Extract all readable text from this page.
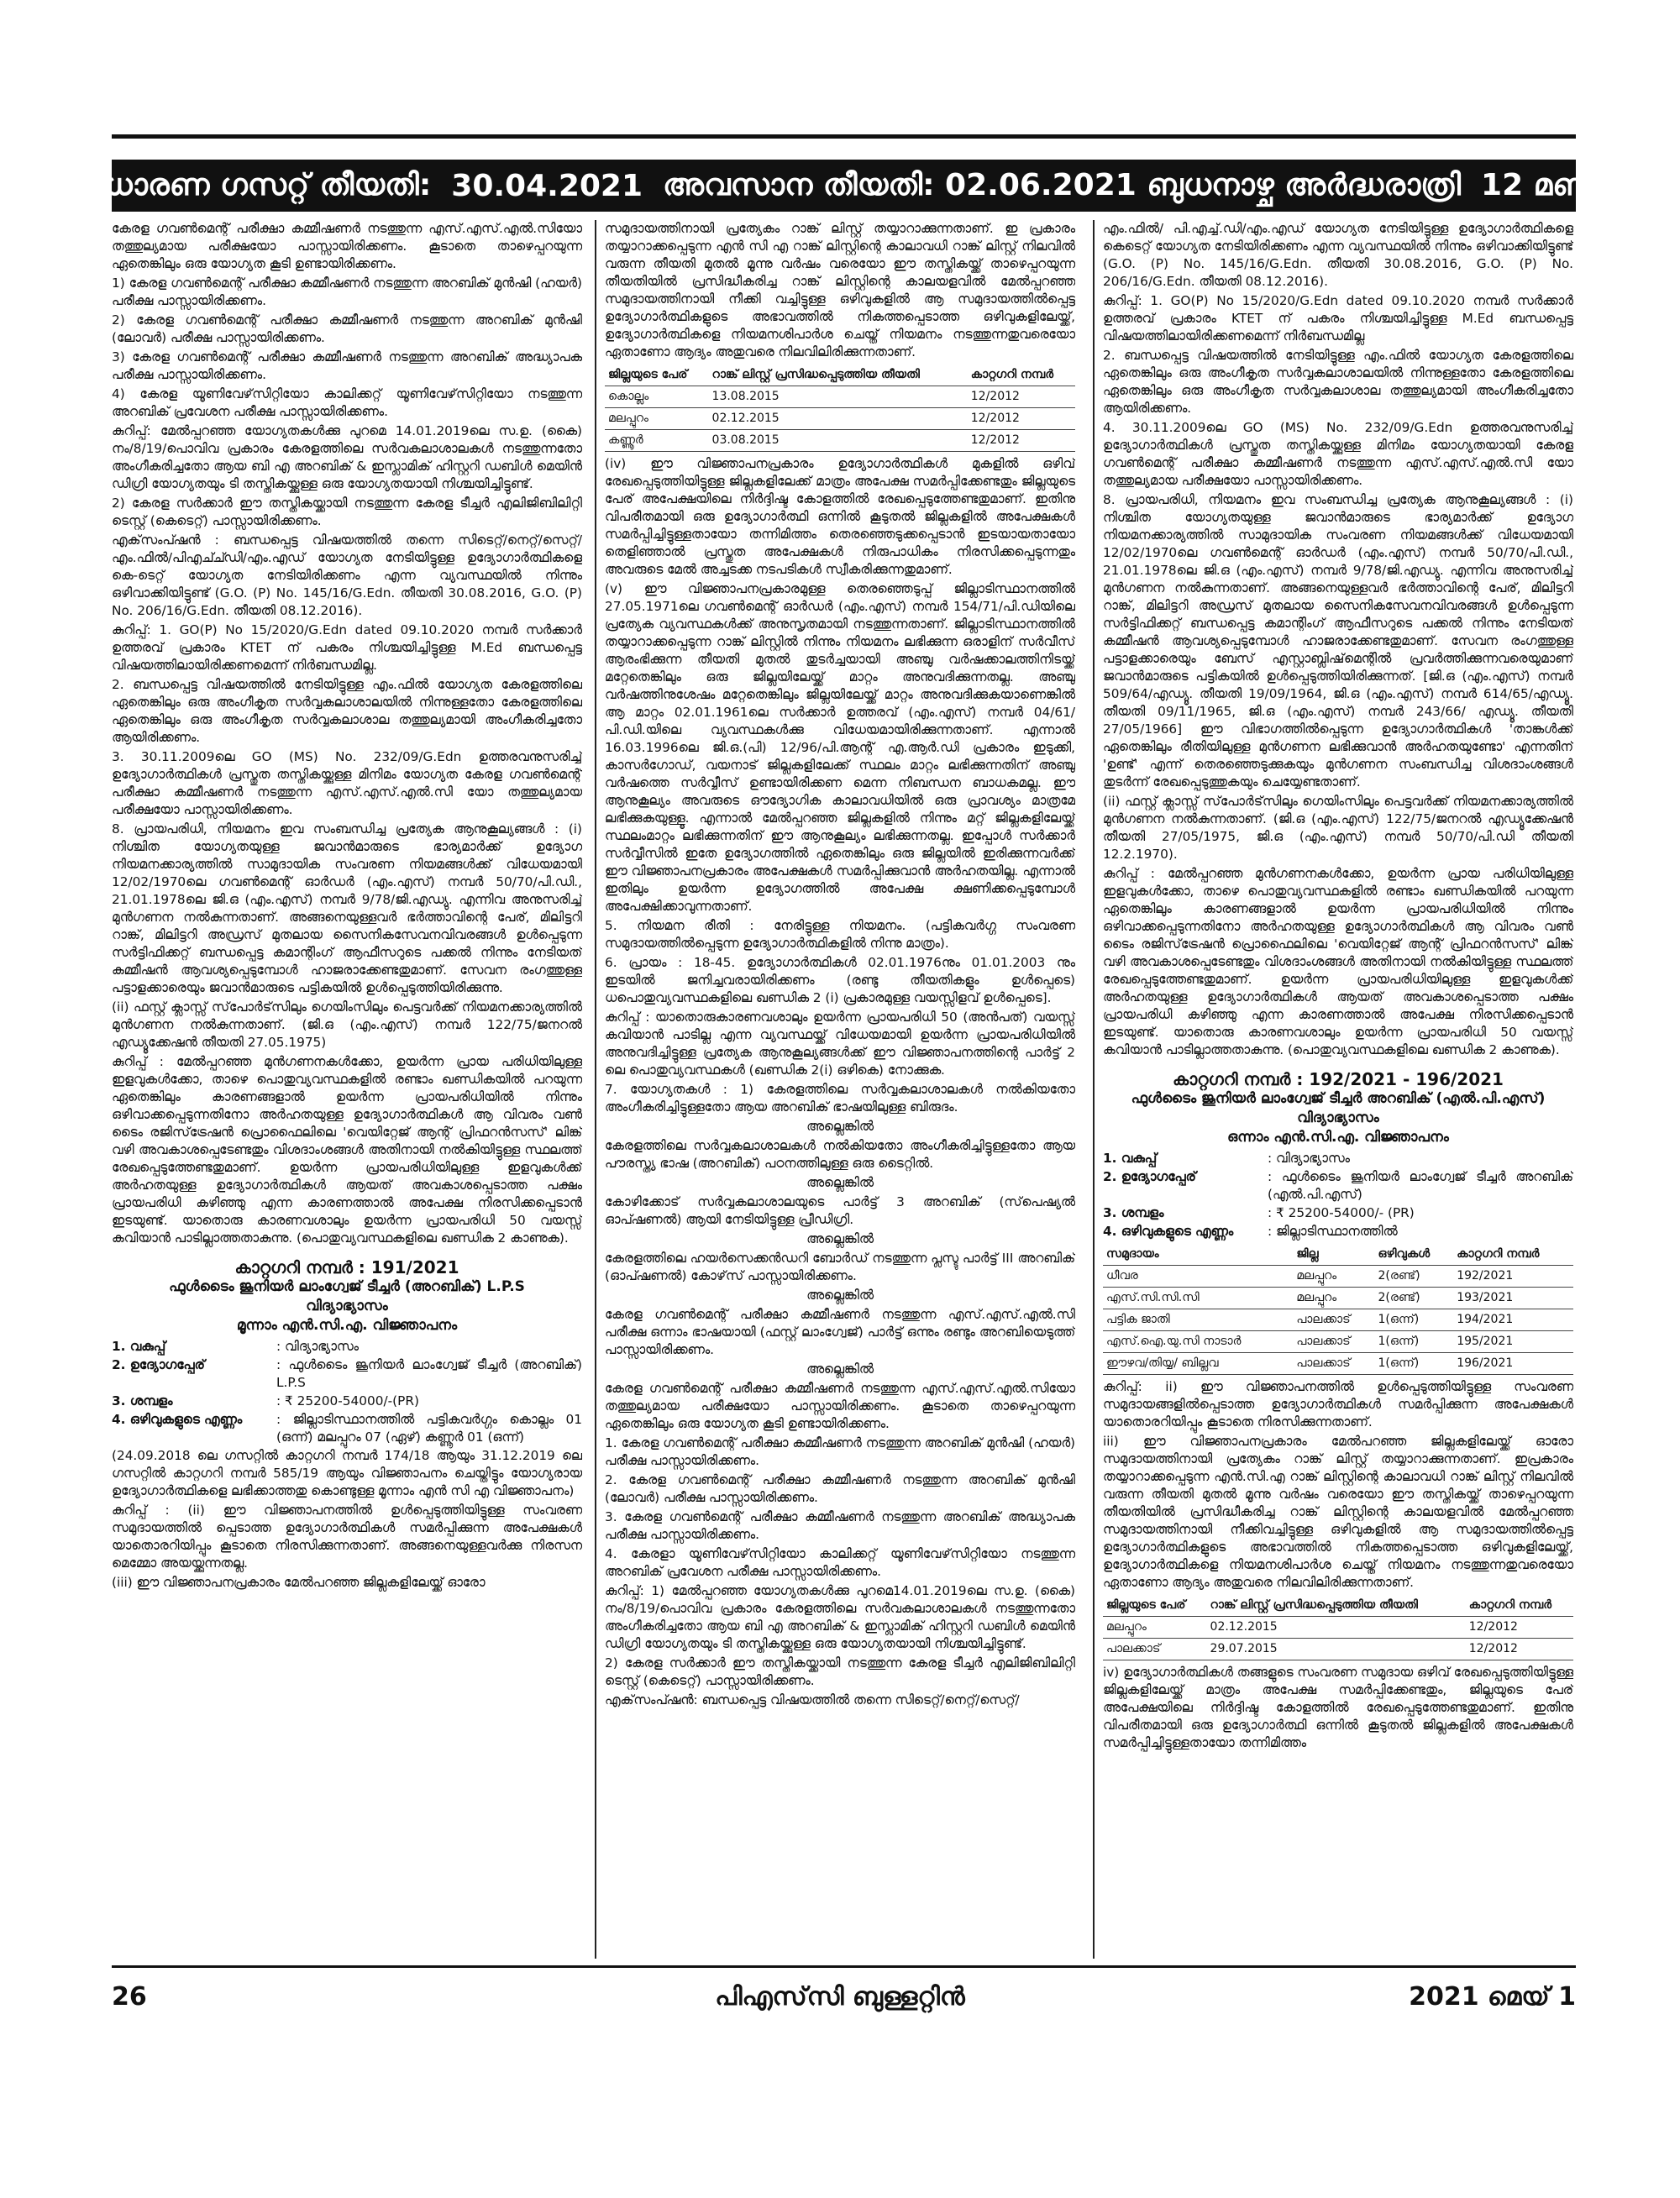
അസാധാരണ ഗസറ്റ് തീയതി: 30.04.2021 അവസാന തീയതി: 02.06.2021 ബുധനാഴ്ച അര്‍ദ്ധരാത്രി 12 മണി വരെ

കേരള ഗവണ്‍മെന്റ് പരീക്ഷാ കമ്മീഷണര്‍ നടത്തുന്ന എസ്.എസ്.എല്‍.സിയോ തത്തുല്യമായ പരീക്ഷയോ പാസ്സായിരിക്കണം. കൂടാതെ താഴെപ്പറയുന്ന ഏതെങ്കിലും ഒരു യോഗ്യത കൂടി ഉണ്ടായിരിക്കണം.

1) കേരള ഗവണ്‍മെന്റ് പരീക്ഷാ കമ്മീഷണര്‍ നടത്തുന്ന അറബിക് മുന്‍ഷി (ഹയര്‍) പരീക്ഷ പാസ്സായിരിക്കണം.

2) കേരള ഗവണ്‍മെന്റ് പരീക്ഷാ കമ്മീഷണര്‍ നടത്തുന്ന അറബിക് മുന്‍ഷി (ലോവര്‍) പരീക്ഷ പാസ്സായിരിക്കണം.

3) കേരള ഗവണ്‍മെന്റ് പരീക്ഷാ കമ്മീഷണര്‍ നടത്തുന്ന അറബിക് അദ്ധ്യാപക പരീക്ഷ പാസ്സായിരിക്കണം.

4) കേരള യൂണിവേഴ്‌സിറ്റിയോ കാലിക്കറ്റ് യൂണിവേഴ്‌സിറ്റിയോ നടത്തുന്ന അറബിക് പ്രവേശന പരീക്ഷ പാസ്സായിരിക്കണം.

കുറിപ്പ്: മേല്‍പ്പറഞ്ഞ യോഗ്യതകള്‍ക്കു പുറമെ 14.01.2019ലെ സ.ഉ. (കൈ) നം/8/19/പൊവിവ പ്രകാരം കേരളത്തിലെ സര്‍വകലാശാലകള്‍ നടത്തുന്നതോ അംഗീകരിച്ചതോ ആയ ബി എ അറബിക് & ഇസ്ലാമിക് ഹിസ്റ്ററി ഡബിള്‍ മെയിന്‍ ഡിഗ്രി യോഗ്യതയും ടി തസ്തികയ്ക്കുള്ള ഒരു യോഗ്യതയായി നിശ്ചയിച്ചിട്ടുണ്ട്.

2) കേരള സര്‍ക്കാര്‍ ഈ തസ്തികയ്ക്കായി നടത്തുന്ന കേരള ടീച്ചര്‍ എലിജിബിലിറ്റി ടെസ്റ്റ് (കെടെറ്റ്) പാസ്സായിരിക്കണം.

എക്‌സംപ്ഷന്‍ : ബന്ധപ്പെട്ട വിഷയത്തില്‍ തന്നെ സിടെറ്റ്/നെറ്റ്/സെറ്റ്/എം.ഫില്‍/പിഎച്ച്ഡി/എം.എഡ് യോഗ്യത നേടിയിട്ടുള്ള ഉദ്യോഗാര്‍ത്ഥികളെ കെ-ടെറ്റ് യോഗ്യത നേടിയിരിക്കണം എന്ന വ്യവസ്ഥയില്‍ നിന്നും ഒഴിവാക്കിയിട്ടുണ്ട് (G.O. (P) No. 145/16/G.Edn. തീയതി 30.08.2016, G.O. (P) No. 206/16/G.Edn. തീയതി 08.12.2016).

കുറിപ്പ്: 1. GO(P) No 15/2020/G.Edn dated 09.10.2020 നമ്പര്‍ സര്‍ക്കാര്‍ ഉത്തരവ് പ്രകാരം KTET ന് പകരം നിശ്ചയിച്ചിട്ടുള്ള M.Ed ബന്ധപ്പെട്ട വിഷയത്തിലായിരിക്കണമെന്ന് നിര്‍ബന്ധമില്ല.

2. ബന്ധപ്പെട്ട വിഷയത്തില്‍ നേടിയിട്ടുള്ള എം.ഫില്‍ യോഗ്യത കേരളത്തിലെ ഏതെങ്കിലും ഒരു അംഗീകൃത സര്‍വ്വകലാശാലയില്‍ നിന്നുള്ളതോ കേരളത്തിലെ ഏതെങ്കിലും ഒരു അംഗീകൃത സര്‍വ്വകലാശാല തത്തുല്യമായി അംഗീകരിച്ചതോ ആയിരിക്കണം.

3. 30.11.2009ലെ GO (MS) No. 232/09/G.Edn ഉത്തരവനുസരിച്ച് ഉദ്യോഗാര്‍ത്ഥികള്‍ പ്രസ്തുത തസ്തികയ്ക്കുള്ള മിനിമം യോഗ്യത കേരള ഗവണ്‍മെന്റ് പരീക്ഷാ കമ്മീഷണര്‍ നടത്തുന്ന എസ്.എസ്.എല്‍.സി യോ തത്തുല്യമായ പരീക്ഷയോ പാസ്സായിരിക്കണം.

8. പ്രായപരിധി, നിയമനം ഇവ സംബന്ധിച്ച പ്രത്യേക ആനുകൂല്യങ്ങള്‍ : (i) നിശ്ചിത യോഗ്യതയുള്ള ജവാന്‍മാരുടെ ഭാര്യമാര്‍ക്ക് ഉദ്യോഗ നിയമനക്കാര്യത്തില്‍ സാമുദായിക സംവരണ നിയമങ്ങള്‍ക്ക് വിധേയമായി 12/02/1970ലെ ഗവണ്‍മെന്റ് ഓര്‍ഡര്‍ (എം.എസ്) നമ്പര്‍ 50/70/പി.ഡി., 21.01.1978ലെ ജി.ഒ (എം.എസ്) നമ്പര്‍ 9/78/ജി.എഡ്യു. എന്നിവ അനുസരിച്ച് മുന്‍ഗണന നല്‍കുന്നതാണ്. അങ്ങനെയുള്ളവര്‍ ഭര്‍ത്താവിന്റെ പേര്, മിലിട്ടറി റാങ്ക്, മിലിട്ടറി അഡ്രസ് മുതലായ സൈനികസേവനവിവരങ്ങള്‍ ഉള്‍പ്പെടുന്ന സര്‍ട്ടിഫിക്കറ്റ് ബന്ധപ്പെട്ട കമാന്റിംഗ് ആഫീസറുടെ പക്കല്‍ നിന്നും നേടിയത് കമ്മീഷന്‍ ആവശ്യപ്പെടുമ്പോള്‍ ഹാജരാക്കേണ്ടതുമാണ്. സേവന രംഗത്തുള്ള പട്ടാളക്കാരെയും ജവാന്‍മാരുടെ പട്ടികയില്‍ ഉള്‍പ്പെടുത്തിയിരിക്കുന്നു.

(ii) ഫസ്റ്റ് ക്ലാസ്സ് സ്‌പോര്‍ട്‌സിലും ഗെയിംസിലും പെട്ടവര്‍ക്ക് നിയമനക്കാര്യത്തില്‍ മുന്‍ഗണന നല്‍കുന്നതാണ്. (ജി.ഒ (എം.എസ്) നമ്പര്‍ 122/75/ജനറല്‍ എഡ്യൂക്കേഷന്‍ തീയതി 27.05.1975)

കുറിപ്പ് : മേല്‍പ്പറഞ്ഞ മുന്‍ഗണനകള്‍ക്കോ, ഉയര്‍ന്ന പ്രായ പരിധിയിലുള്ള ഇളവുകള്‍ക്കോ, താഴെ പൊതുവ്യവസ്ഥകളില്‍ രണ്ടാം ഖണ്ഡികയില്‍ പറയുന്ന ഏതെങ്കിലും കാരണങ്ങളാല്‍ ഉയര്‍ന്ന പ്രായപരിധിയില്‍ നിന്നും ഒഴിവാക്കപ്പെടുന്നതിനോ അര്‍ഹതയുള്ള ഉദ്യോഗാര്‍ത്ഥികള്‍ ആ വിവരം വണ്‍ ടൈം രജിസ്‌ട്രേഷന്‍ പ്രൊഫൈലിലെ 'വെയിറ്റേജ് ആന്റ് പ്രിഫറന്‍സസ്' ലിങ്ക് വഴി അവകാശപ്പെടേണ്ടതും വിശദാംശങ്ങള്‍ അതിനായി നല്‍കിയിട്ടുള്ള സ്ഥലത്ത് രേഖപ്പെടുത്തേണ്ടതുമാണ്. ഉയര്‍ന്ന പ്രായപരിധിയിലുള്ള ഇളവുകള്‍ക്ക് അര്‍ഹതയുള്ള ഉദ്യോഗാര്‍ത്ഥികള്‍ ആയത് അവകാശപ്പെടാത്ത പക്ഷം പ്രായപരിധി കഴിഞ്ഞു എന്ന കാരണത്താല്‍ അപേക്ഷ നിരസിക്കപ്പെടാന്‍ ഇടയുണ്ട്. യാതൊരു കാരണവശാലും ഉയര്‍ന്ന പ്രായപരിധി 50 വയസ്സ് കവിയാന്‍ പാടില്ലാത്തതാകുന്നു. (പൊതുവ്യവസ്ഥകളിലെ ഖണ്ഡിക 2 കാണുക).

കാറ്റഗറി നമ്പര്‍ : 191/2021
ഫുള്‍ടൈം ജൂനിയര്‍ ലാംഗ്വേജ് ടീച്ചര്‍ (അറബിക്) L.P.S
വിദ്യാഭ്യാസം
മൂന്നാം എന്‍.സി.എ. വിജ്ഞാപനം
1. വകുപ്പ്	: വിദ്യാഭ്യാസം
2. ഉദ്യോഗപ്പേര്	: ഫുള്‍ടൈം ജൂനിയര്‍ ലാംഗ്വേജ് ടീച്ചര്‍ (അറബിക്) L.P.S
3. ശമ്പളം	: ₹ 25200-54000/-(PR)
4. ഒഴിവുകളുടെ എണ്ണം	: ജില്ലാടിസ്ഥാനത്തില്‍ പട്ടികവര്‍ഗ്ഗം കൊല്ലം 01 (ഒന്ന്) മലപ്പുറം 07 (ഏഴ്) കണ്ണൂര്‍ 01 (ഒന്ന്)

(24.09.2018 ലെ ഗസറ്റില്‍ കാറ്റഗറി നമ്പര്‍ 174/18 ആയും 31.12.2019 ലെ ഗസറ്റില്‍ കാറ്റഗറി നമ്പര്‍ 585/19 ആയും വിജ്ഞാപനം ചെയ്തിട്ടും യോഗ്യരായ ഉദ്യോഗാര്‍ത്ഥികളെ ലഭിക്കാത്തതു കൊണ്ടുള്ള മൂന്നാം എന്‍ സി എ വിജ്ഞാപനം)

കുറിപ്പ് : (ii) ഈ വിജ്ഞാപനത്തില്‍ ഉള്‍പ്പെടുത്തിയിട്ടുള്ള സംവരണ സമുദായത്തില്‍ പ്പെടാത്ത ഉദ്യോഗാര്‍ത്ഥികള്‍ സമര്‍പ്പിക്കുന്ന അപേക്ഷകള്‍ യാതൊരറിയിപ്പും കൂടാതെ നിരസിക്കുന്നതാണ്. അങ്ങനെയുള്ളവര്‍ക്കു നിരസന മെമ്മോ അയയ്ക്കുന്നതല്ല.

(iii) ഈ വിജ്ഞാപനപ്രകാരം മേല്‍പറഞ്ഞ ജില്ലകളിലേയ്ക്ക് ഓരോ

സമുദായത്തിനായി പ്രത്യേകം റാങ്ക് ലിസ്റ്റ് തയ്യാറാക്കുന്നതാണ്. ഇ പ്രകാരം തയ്യാറാക്കപ്പെടുന്ന എന്‍ സി എ റാങ്ക് ലിസ്റ്റിന്റെ കാലാവധി റാങ്ക് ലിസ്റ്റ് നിലവില്‍ വരുന്ന തീയതി മുതല്‍ മൂന്നു വര്‍ഷം വരെയോ ഈ തസ്തികയ്ക്ക് താഴെപ്പറയുന്ന തീയതിയില്‍ പ്രസിദ്ധീകരിച്ച റാങ്ക് ലിസ്റ്റിന്റെ കാലയളവില്‍ മേല്‍പ്പറഞ്ഞ സമുദായത്തിനായി നീക്കി വച്ചിട്ടുള്ള ഒഴിവുകളില്‍ ആ സമുദായത്തില്‍പ്പെട്ട ഉദ്യോഗാര്‍ത്ഥികളുടെ അഭാവത്തില്‍ നികത്തപ്പെടാത്ത ഒഴിവുകളിലേയ്ക്ക്, ഉദ്യോഗാര്‍ത്ഥികളെ നിയമനശിപാര്‍ശ ചെയ്ത് നിയമനം നടത്തുന്നതുവരെയോ ഏതാണോ ആദ്യം അതുവരെ നിലവിലിരിക്കുന്നതാണ്.

ജില്ലയുടെ പേര്	റാങ്ക് ലിസ്റ്റ് പ്രസിദ്ധപ്പെടുത്തിയ തീയതി	കാറ്റഗറി നമ്പര്‍
കൊല്ലം	13.08.2015	12/2012
മലപ്പുറം	02.12.2015	12/2012
കണ്ണൂര്‍	03.08.2015	12/2012

(iv) ഈ വിജ്ഞാപനപ്രകാരം ഉദ്യോഗാര്‍ത്ഥികള്‍ മുകളില്‍ ഒഴിവ് രേഖപ്പെടുത്തിയിട്ടുള്ള ജില്ലകളിലേക്ക് മാത്രം അപേക്ഷ സമര്‍പ്പിക്കേണ്ടതും ജില്ലയുടെ പേര് അപേക്ഷയിലെ നിര്‍ദ്ദിഷ്ട കോളത്തില്‍ രേഖപ്പെടുത്തേണ്ടതുമാണ്. ഇതിനു വിപരീതമായി ഒരു ഉദ്യോഗാര്‍ത്ഥി ഒന്നില്‍ കൂടുതല്‍ ജില്ലകളില്‍ അപേക്ഷകള്‍ സമര്‍പ്പിച്ചിട്ടുള്ളതായോ തന്നിമിത്തം തെരഞ്ഞെടുക്കപ്പെടാന്‍ ഇടയായതായോ തെളിഞ്ഞാല്‍ പ്രസ്തുത അപേക്ഷകള്‍ നിരുപാധികം നിരസിക്കപ്പെടുന്നതും അവരുടെ മേല്‍ അച്ചടക്ക നടപടികള്‍ സ്വീകരിക്കുന്നതുമാണ്.

(v) ഈ വിജ്ഞാപനപ്രകാരമുള്ള തെരഞ്ഞെടുപ്പ് ജില്ലാടിസ്ഥാനത്തില്‍ 27.05.1971ലെ ഗവണ്‍മെന്റ് ഓര്‍ഡര്‍ (എം.എസ്) നമ്പര്‍ 154/71/പി.ഡിയിലെ പ്രത്യേക വ്യവസ്ഥകള്‍ക്ക് അനുസൃതമായി നടത്തുന്നതാണ്. ജില്ലാടിസ്ഥാനത്തില്‍ തയ്യാറാക്കപ്പെടുന്ന റാങ്ക് ലിസ്റ്റില്‍ നിന്നും നിയമനം ലഭിക്കുന്ന ഒരാളിന് സര്‍വീസ് ആരംഭിക്കുന്ന തീയതി മുതല്‍ തുടര്‍ച്ചയായി അഞ്ചു വര്‍ഷക്കാലത്തിനിടയ്ക്ക് മറ്റേതെങ്കിലും ഒരു ജില്ലയിലേയ്ക്ക് മാറ്റം അനുവദിക്കുന്നതല്ല. അഞ്ചു വര്‍ഷത്തിനുശേഷം മറ്റേതെങ്കിലും ജില്ലയിലേയ്ക്ക് മാറ്റം അനുവദിക്കുകയാണെങ്കില്‍ ആ മാറ്റം 02.01.1961ലെ സര്‍ക്കാര്‍ ഉത്തരവ് (എം.എസ്) നമ്പര്‍ 04/61/പി.ഡി.യിലെ വ്യവസ്ഥകള്‍ക്കു വിധേയമായിരിക്കുന്നതാണ്. എന്നാല്‍ 16.03.1996ലെ ജി.ഒ.(പി) 12/96/പി.ആന്റ് എ.ആര്‍.ഡി പ്രകാരം ഇടുക്കി, കാസര്‍ഗോഡ്, വയനാട് ജില്ലകളിലേക്ക് സ്ഥലം മാറ്റം ലഭിക്കുന്നതിന് അഞ്ചു വര്‍ഷത്തെ സര്‍വ്വീസ് ഉണ്ടായിരിക്കണ മെന്ന നിബന്ധന ബാധകമല്ല. ഈ ആനുകൂല്യം അവരുടെ ഔദ്യോഗിക കാലാവധിയില്‍ ഒരു പ്രാവശ്യം മാത്രമേ ലഭിക്കുകയുള്ളൂ. എന്നാല്‍ മേല്‍പ്പറഞ്ഞ ജില്ലകളില്‍ നിന്നും മറ്റ് ജില്ലകളിലേയ്ക്ക് സ്ഥലംമാറ്റം ലഭിക്കുന്നതിന് ഈ ആനുകൂല്യം ലഭിക്കുന്നതല്ല. ഇപ്പോള്‍ സര്‍ക്കാര്‍ സര്‍വ്വീസില്‍ ഇതേ ഉദ്യോഗത്തില്‍ ഏതെങ്കിലും ഒരു ജില്ലയില്‍ ഇരിക്കുന്നവര്‍ക്ക് ഈ വിജ്ഞാപനപ്രകാരം അപേക്ഷകള്‍ സമര്‍പ്പിക്കുവാന്‍ അര്‍ഹതയില്ല. എന്നാല്‍ ഇതിലും ഉയര്‍ന്ന ഉദ്യോഗത്തില്‍ അപേക്ഷ ക്ഷണിക്കപ്പെടുമ്പോള്‍ അപേക്ഷിക്കാവുന്നതാണ്.

5. നിയമന രീതി : നേരിട്ടുള്ള നിയമനം. (പട്ടികവര്‍ഗ്ഗ സംവരണ സമുദായത്തില്‍പ്പെടുന്ന ഉദ്യോഗാര്‍ത്ഥികളില്‍ നിന്നു മാത്രം).

6. പ്രായം : 18-45. ഉദ്യോഗാര്‍ത്ഥികള്‍ 02.01.1976നും 01.01.2003 നും ഇടയില്‍ ജനിച്ചവരായിരിക്കണം (രണ്ടു തീയതികളും ഉള്‍പ്പെടെ) ധപൊതുവ്യവസ്ഥകളിലെ ഖണ്ഡിക 2 (i) പ്രകാരമുള്ള വയസ്സിളവ് ഉള്‍പ്പെടെ].

കുറിപ്പ് : യാതൊരുകാരണവശാലും ഉയര്‍ന്ന പ്രായപരിധി 50 (അന്‍പത്) വയസ്സ് കവിയാന്‍ പാടില്ല എന്ന വ്യവസ്ഥയ്ക്ക് വിധേയമായി ഉയര്‍ന്ന പ്രായപരിധിയില്‍ അനുവദിച്ചിട്ടുള്ള പ്രത്യേക ആനുകൂല്യങ്ങള്‍ക്ക് ഈ വിജ്ഞാപനത്തിന്റെ പാര്‍ട്ട് 2 ലെ പൊതുവ്യവസ്ഥകള്‍ (ഖണ്ഡിക 2(i) ഒഴികെ) നോക്കുക.

7. യോഗ്യതകള്‍ : 1) കേരളത്തിലെ സര്‍വ്വകലാശാലകള്‍ നല്‍കിയതോ അംഗീകരിച്ചിട്ടുള്ളതോ ആയ അറബിക് ഭാഷയിലുള്ള ബിരുദം.

അല്ലെങ്കില്‍

കേരളത്തിലെ സര്‍വ്വകലാശാലകള്‍ നല്‍കിയതോ അംഗീകരിച്ചിട്ടുള്ളതോ ആയ പൗരസ്ത്യ ഭാഷ (അറബിക്) പഠനത്തിലുള്ള ഒരു ടൈറ്റില്‍.

അല്ലെങ്കില്‍

കോഴിക്കോട് സര്‍വ്വകലാശാലയുടെ പാര്‍ട്ട് 3 അറബിക് (സ്‌പെഷ്യല്‍ ഓപ്ഷണല്‍) ആയി നേടിയിട്ടുള്ള പ്രീഡിഗ്രി.

അല്ലെങ്കില്‍

കേരളത്തിലെ ഹയര്‍സെക്കന്‍ഡറി ബോര്‍ഡ് നടത്തുന്ന പ്ലസ്ടു പാര്‍ട്ട് III അറബിക് (ഓപ്ഷണല്‍) കോഴ്‌സ് പാസ്സായിരിക്കണം.

അല്ലെങ്കില്‍

കേരള ഗവണ്‍മെന്റ് പരീക്ഷാ കമ്മീഷണര്‍ നടത്തുന്ന എസ്.എസ്.എല്‍.സി പരീക്ഷ ഒന്നാം ഭാഷയായി (ഫസ്റ്റ് ലാംഗ്വേജ്) പാര്‍ട്ട് ഒന്നും രണ്ടും അറബിയെടുത്ത് പാസ്സായിരിക്കണം.

അല്ലെങ്കില്‍

കേരള ഗവണ്‍മെന്റ് പരീക്ഷാ കമ്മീഷണര്‍ നടത്തുന്ന എസ്.എസ്.എല്‍.സിയോ തത്തുല്യമായ പരീക്ഷയോ പാസ്സായിരിക്കണം. കൂടാതെ താഴെപ്പറയുന്ന ഏതെങ്കിലും ഒരു യോഗ്യത കൂടി ഉണ്ടായിരിക്കണം.

1. കേരള ഗവണ്‍മെന്റ് പരീക്ഷാ കമ്മീഷണര്‍ നടത്തുന്ന അറബിക് മുന്‍ഷി (ഹയര്‍) പരീക്ഷ പാസ്സായിരിക്കണം.

2. കേരള ഗവണ്‍മെന്റ് പരീക്ഷാ കമ്മീഷണര്‍ നടത്തുന്ന അറബിക് മുന്‍ഷി (ലോവര്‍) പരീക്ഷ പാസ്സായിരിക്കണം.

3. കേരള ഗവണ്‍മെന്റ് പരീക്ഷാ കമ്മീഷണര്‍ നടത്തുന്ന അറബിക് അദ്ധ്യാപക പരീക്ഷ പാസ്സായിരിക്കണം.

4. കേരളാ യൂണിവേഴ്‌സിറ്റിയോ കാലിക്കറ്റ് യൂണിവേഴ്‌സിറ്റിയോ നടത്തുന്ന അറബിക് പ്രവേശന പരീക്ഷ പാസ്സായിരിക്കണം.

കുറിപ്പ്: 1) മേല്‍പ്പറഞ്ഞ യോഗ്യതകള്‍ക്കു പുറമെ14.01.2019ലെ സ.ഉ. (കൈ) നം/8/19/പൊവിവ പ്രകാരം കേരളത്തിലെ സര്‍വകലാശാലകള്‍ നടത്തുന്നതോ അംഗീകരിച്ചതോ ആയ ബി എ അറബിക് & ഇസ്ലാമിക് ഹിസ്റ്ററി ഡബിള്‍ മെയിന്‍ ഡിഗ്രി യോഗ്യതയും ടി തസ്തികയ്ക്കുള്ള ഒരു യോഗ്യതയായി നിശ്ചയിച്ചിട്ടുണ്ട്.

2) കേരള സര്‍ക്കാര്‍ ഈ തസ്തികയ്ക്കായി നടത്തുന്ന കേരള ടീച്ചര്‍ എലിജിബിലിറ്റി ടെസ്റ്റ് (കെടെറ്റ്) പാസ്സായിരിക്കണം.

എക്‌സംപ്ഷന്‍: ബന്ധപ്പെട്ട വിഷയത്തില്‍ തന്നെ സിടെറ്റ്/നെറ്റ്/സെറ്റ്/

എം.ഫില്‍/ പി.എച്ച്.ഡി/എം.എഡ് യോഗ്യത നേടിയിട്ടുള്ള ഉദ്യോഗാര്‍ത്ഥികളെ കെടെറ്റ് യോഗ്യത നേടിയിരിക്കണം എന്ന വ്യവസ്ഥയില്‍ നിന്നും ഒഴിവാക്കിയിട്ടുണ്ട് (G.O. (P) No. 145/16/G.Edn. തീയതി 30.08.2016, G.O. (P) No. 206/16/G.Edn. തീയതി 08.12.2016).

കുറിപ്പ്: 1. GO(P) No 15/2020/G.Edn dated 09.10.2020 നമ്പര്‍ സര്‍ക്കാര്‍ ഉത്തരവ് പ്രകാരം KTET ന് പകരം നിശ്ചയിച്ചിട്ടുള്ള M.Ed ബന്ധപ്പെട്ട വിഷയത്തിലായിരിക്കണമെന്ന് നിര്‍ബന്ധമില്ല

2. ബന്ധപ്പെട്ട വിഷയത്തില്‍ നേടിയിട്ടുള്ള എം.ഫില്‍ യോഗ്യത കേരളത്തിലെ ഏതെങ്കിലും ഒരു അംഗീകൃത സര്‍വ്വകലാശാലയില്‍ നിന്നുള്ളതോ കേരളത്തിലെ ഏതെങ്കിലും ഒരു അംഗീകൃത സര്‍വ്വകലാശാല തത്തുല്യമായി അംഗീകരിച്ചതോ ആയിരിക്കണം.

4. 30.11.2009ലെ GO (MS) No. 232/09/G.Edn ഉത്തരവനുസരിച്ച് ഉദ്യോഗാര്‍ത്ഥികള്‍ പ്രസ്തുത തസ്തികയ്ക്കുള്ള മിനിമം യോഗ്യതയായി കേരള ഗവണ്‍മെന്റ് പരീക്ഷാ കമ്മീഷണര്‍ നടത്തുന്ന എസ്.എസ്.എല്‍.സി യോ തത്തുല്യമായ പരീക്ഷയോ പാസ്സായിരിക്കണം.

8. പ്രായപരിധി, നിയമനം ഇവ സംബന്ധിച്ച പ്രത്യേക ആനുകൂല്യങ്ങള്‍ : (i) നിശ്ചിത യോഗ്യതയുള്ള ജവാന്‍മാരുടെ ഭാര്യമാര്‍ക്ക് ഉദ്യോഗ നിയമനക്കാര്യത്തില്‍ സാമുദായിക സംവരണ നിയമങ്ങള്‍ക്ക് വിധേയമായി 12/02/1970ലെ ഗവണ്‍മെന്റ് ഓര്‍ഡര്‍ (എം.എസ്) നമ്പര്‍ 50/70/പി.ഡി., 21.01.1978ലെ ജി.ഒ (എം.എസ്) നമ്പര്‍ 9/78/ജി.എഡ്യു. എന്നിവ അനുസരിച്ച് മുന്‍ഗണന നല്‍കുന്നതാണ്. അങ്ങനെയുള്ളവര്‍ ഭര്‍ത്താവിന്റെ പേര്, മിലിട്ടറി റാങ്ക്, മിലിട്ടറി അഡ്രസ് മുതലായ സൈനികസേവനവിവരങ്ങള്‍ ഉള്‍പ്പെടുന്ന സര്‍ട്ടിഫിക്കറ്റ് ബന്ധപ്പെട്ട കമാന്റിംഗ് ആഫീസറുടെ പക്കല്‍ നിന്നും നേടിയത് കമ്മീഷന്‍ ആവശ്യപ്പെടുമ്പോള്‍ ഹാജരാക്കേണ്ടതുമാണ്. സേവന രംഗത്തുള്ള പട്ടാളക്കാരെയും ബേസ് എസ്റ്റാബ്ലിഷ്‌മെന്റില്‍ പ്രവര്‍ത്തിക്കുന്നവരെയുമാണ് ജവാന്‍മാരുടെ പട്ടികയില്‍ ഉള്‍പ്പെടുത്തിയിരിക്കുന്നത്. [ജി.ഒ (എം.എസ്) നമ്പര്‍ 509/64/എഡ്യൂ. തീയതി 19/09/1964, ജി.ഒ (എം.എസ്) നമ്പര്‍ 614/65/എഡ്യൂ. തീയതി 09/11/1965, ജി.ഒ (എം.എസ്) നമ്പര്‍ 243/66/ എഡ്യൂ. തീയതി 27/05/1966] ഈ വിഭാഗത്തില്‍പ്പെടുന്ന ഉദ്യോഗാര്‍ത്ഥികള്‍ 'താങ്കള്‍ക്ക് ഏതെങ്കിലും രീതിയിലുള്ള മുന്‍ഗണന ലഭിക്കുവാന്‍ അര്‍ഹതയുണ്ടോ' എന്നതിന് 'ഉണ്ട്' എന്ന് തെരഞ്ഞെടുക്കുകയും മുന്‍ഗണന സംബന്ധിച്ച വിശദാംശങ്ങള്‍ തുടര്‍ന്ന് രേഖപ്പെടുത്തുകയും ചെയ്യേണ്ടതാണ്.

(ii) ഫസ്റ്റ് ക്ലാസ്സ് സ്‌പോര്‍ട്‌സിലും ഗെയിംസിലും പെട്ടവര്‍ക്ക് നിയമനക്കാര്യത്തില്‍ മുന്‍ഗണന നല്‍കുന്നതാണ്. (ജി.ഒ (എം.എസ്) 122/75/ജനറല്‍ എഡ്യൂക്കേഷന്‍ തീയതി 27/05/1975, ജി.ഒ (എം.എസ്) നമ്പര്‍ 50/70/പി.ഡി തീയതി 12.2.1970).

കുറിപ്പ് : മേല്‍പ്പറഞ്ഞ മുന്‍ഗണനകള്‍ക്കോ, ഉയര്‍ന്ന പ്രായ പരിധിയിലുള്ള ഇളവുകള്‍ക്കോ, താഴെ പൊതുവ്യവസ്ഥകളില്‍ രണ്ടാം ഖണ്ഡികയില്‍ പറയുന്ന ഏതെങ്കിലും കാരണങ്ങളാല്‍ ഉയര്‍ന്ന പ്രായപരിധിയില്‍ നിന്നും ഒഴിവാക്കപ്പെടുന്നതിനോ അര്‍ഹതയുള്ള ഉദ്യോഗാര്‍ത്ഥികള്‍ ആ വിവരം വണ്‍ ടൈം രജിസ്‌ട്രേഷന്‍ പ്രൊഫൈലിലെ 'വെയിറ്റേജ് ആന്റ് പ്രിഫറന്‍സസ്' ലിങ്ക് വഴി അവകാശപ്പെടേണ്ടതും വിശദാംശങ്ങള്‍ അതിനായി നല്‍കിയിട്ടുള്ള സ്ഥലത്ത് രേഖപ്പെടുത്തേണ്ടതുമാണ്. ഉയര്‍ന്ന പ്രായപരിധിയിലുള്ള ഇളവുകള്‍ക്ക് അര്‍ഹതയുള്ള ഉദ്യോഗാര്‍ത്ഥികള്‍ ആയത് അവകാശപ്പെടാത്ത പക്ഷം പ്രായപരിധി കഴിഞ്ഞു എന്ന കാരണത്താല്‍ അപേക്ഷ നിരസിക്കപ്പെടാന്‍ ഇടയുണ്ട്. യാതൊരു കാരണവശാലും ഉയര്‍ന്ന പ്രായപരിധി 50 വയസ്സ് കവിയാന്‍ പാടില്ലാത്തതാകുന്നു. (പൊതുവ്യവസ്ഥകളിലെ ഖണ്ഡിക 2 കാണുക).

കാറ്റഗറി നമ്പര്‍ : 192/2021 - 196/2021
ഫുള്‍ടൈം ജൂനിയര്‍ ലാംഗ്വേജ് ടീച്ചര്‍ അറബിക് (എല്‍.പി.എസ്)
വിദ്യാഭ്യാസം
ഒന്നാം എന്‍.സി.എ. വിജ്ഞാപനം
1. വകുപ്പ്	: വിദ്യാഭ്യാസം
2. ഉദ്യോഗപ്പേര്	: ഫുള്‍ടൈം ജൂനിയര്‍ ലാംഗ്വേജ് ടീച്ചര്‍ അറബിക് (എല്‍.പി.എസ്)
3. ശമ്പളം	: ₹ 25200-54000/- (PR)
4. ഒഴിവുകളുടെ എണ്ണം	: ജില്ലാടിസ്ഥാനത്തില്‍
സമുദായം	ജില്ല	ഒഴിവുകള്‍	കാറ്റഗറി നമ്പര്‍
ധീവര	മലപ്പുറം	2(രണ്ട്)	192/2021
എസ്.സി.സി.സി	മലപ്പുറം	2(രണ്ട്)	193/2021
പട്ടിക ജാതി	പാലക്കാട്	1(ഒന്ന്)	194/2021
എസ്.ഐ.യു.സി നാടാര്‍	പാലക്കാട്	1(ഒന്ന്)	195/2021
ഈഴവ/തിയ്യ/ ബില്ലവ	പാലക്കാട്	1(ഒന്ന്)	196/2021

കുറിപ്പ്: ii) ഈ വിജ്ഞാപനത്തില്‍ ഉള്‍പ്പെടുത്തിയിട്ടുള്ള സംവരണ സമുദായങ്ങളില്‍പ്പെടാത്ത ഉദ്യോഗാര്‍ത്ഥികള്‍ സമര്‍പ്പിക്കുന്ന അപേക്ഷകള്‍ യാതൊരറിയിപ്പും കൂടാതെ നിരസിക്കുന്നതാണ്.

iii) ഈ വിജ്ഞാപനപ്രകാരം മേല്‍പറഞ്ഞ ജില്ലകളിലേയ്ക്ക് ഓരോ സമുദായത്തിനായി പ്രത്യേകം റാങ്ക് ലിസ്റ്റ് തയ്യാറാക്കുന്നതാണ്. ഇപ്രകാരം തയ്യാറാക്കപ്പെടുന്ന എന്‍.സി.എ റാങ്ക് ലിസ്റ്റിന്റെ കാലാവധി റാങ്ക് ലിസ്റ്റ് നിലവില്‍ വരുന്ന തീയതി മുതല്‍ മൂന്നു വര്‍ഷം വരെയോ ഈ തസ്തികയ്ക്ക് താഴെപ്പറയുന്ന തീയതിയില്‍ പ്രസിദ്ധീകരിച്ച റാങ്ക് ലിസ്റ്റിന്റെ കാലയളവില്‍ മേല്‍പ്പറഞ്ഞ സമുദായത്തിനായി നീക്കിവച്ചിട്ടുള്ള ഒഴിവുകളില്‍ ആ സമുദായത്തില്‍പ്പെട്ട ഉദ്യോഗാര്‍ത്ഥികളുടെ അഭാവത്തില്‍ നികത്തപ്പെടാത്ത ഒഴിവുകളിലേയ്ക്ക്, ഉദ്യോഗാര്‍ത്ഥികളെ നിയമനശിപാര്‍ശ ചെയ്ത് നിയമനം നടത്തുന്നതുവരെയോ ഏതാണോ ആദ്യം അതുവരെ നിലവിലിരിക്കുന്നതാണ്.

ജില്ലയുടെ പേര്	റാങ്ക് ലിസ്റ്റ് പ്രസിദ്ധപ്പെടുത്തിയ തീയതി	കാറ്റഗറി നമ്പര്‍
മലപ്പുറം	02.12.2015	12/2012
പാലക്കാട്	29.07.2015	12/2012

iv) ഉദ്യോഗാര്‍ത്ഥികള്‍ തങ്ങളുടെ സംവരണ സമുദായ ഒഴിവ് രേഖപ്പെടുത്തിയിട്ടുള്ള ജില്ലകളിലേയ്ക്ക് മാത്രം അപേക്ഷ സമര്‍പ്പിക്കേണ്ടതും, ജില്ലയുടെ പേര് അപേക്ഷയിലെ നിര്‍ദ്ദിഷ്ട കോളത്തില്‍ രേഖപ്പെടുത്തേണ്ടതുമാണ്. ഇതിനു വിപരീതമായി ഒരു ഉദ്യോഗാര്‍ത്ഥി ഒന്നില്‍ കൂടുതല്‍ ജില്ലകളില്‍ അപേക്ഷകള്‍ സമര്‍പ്പിച്ചിട്ടുള്ളതായോ തന്നിമിത്തം

26	പിഎസ്‌സി ബുള്ളറ്റിന്‍	2021 മെയ് 1
